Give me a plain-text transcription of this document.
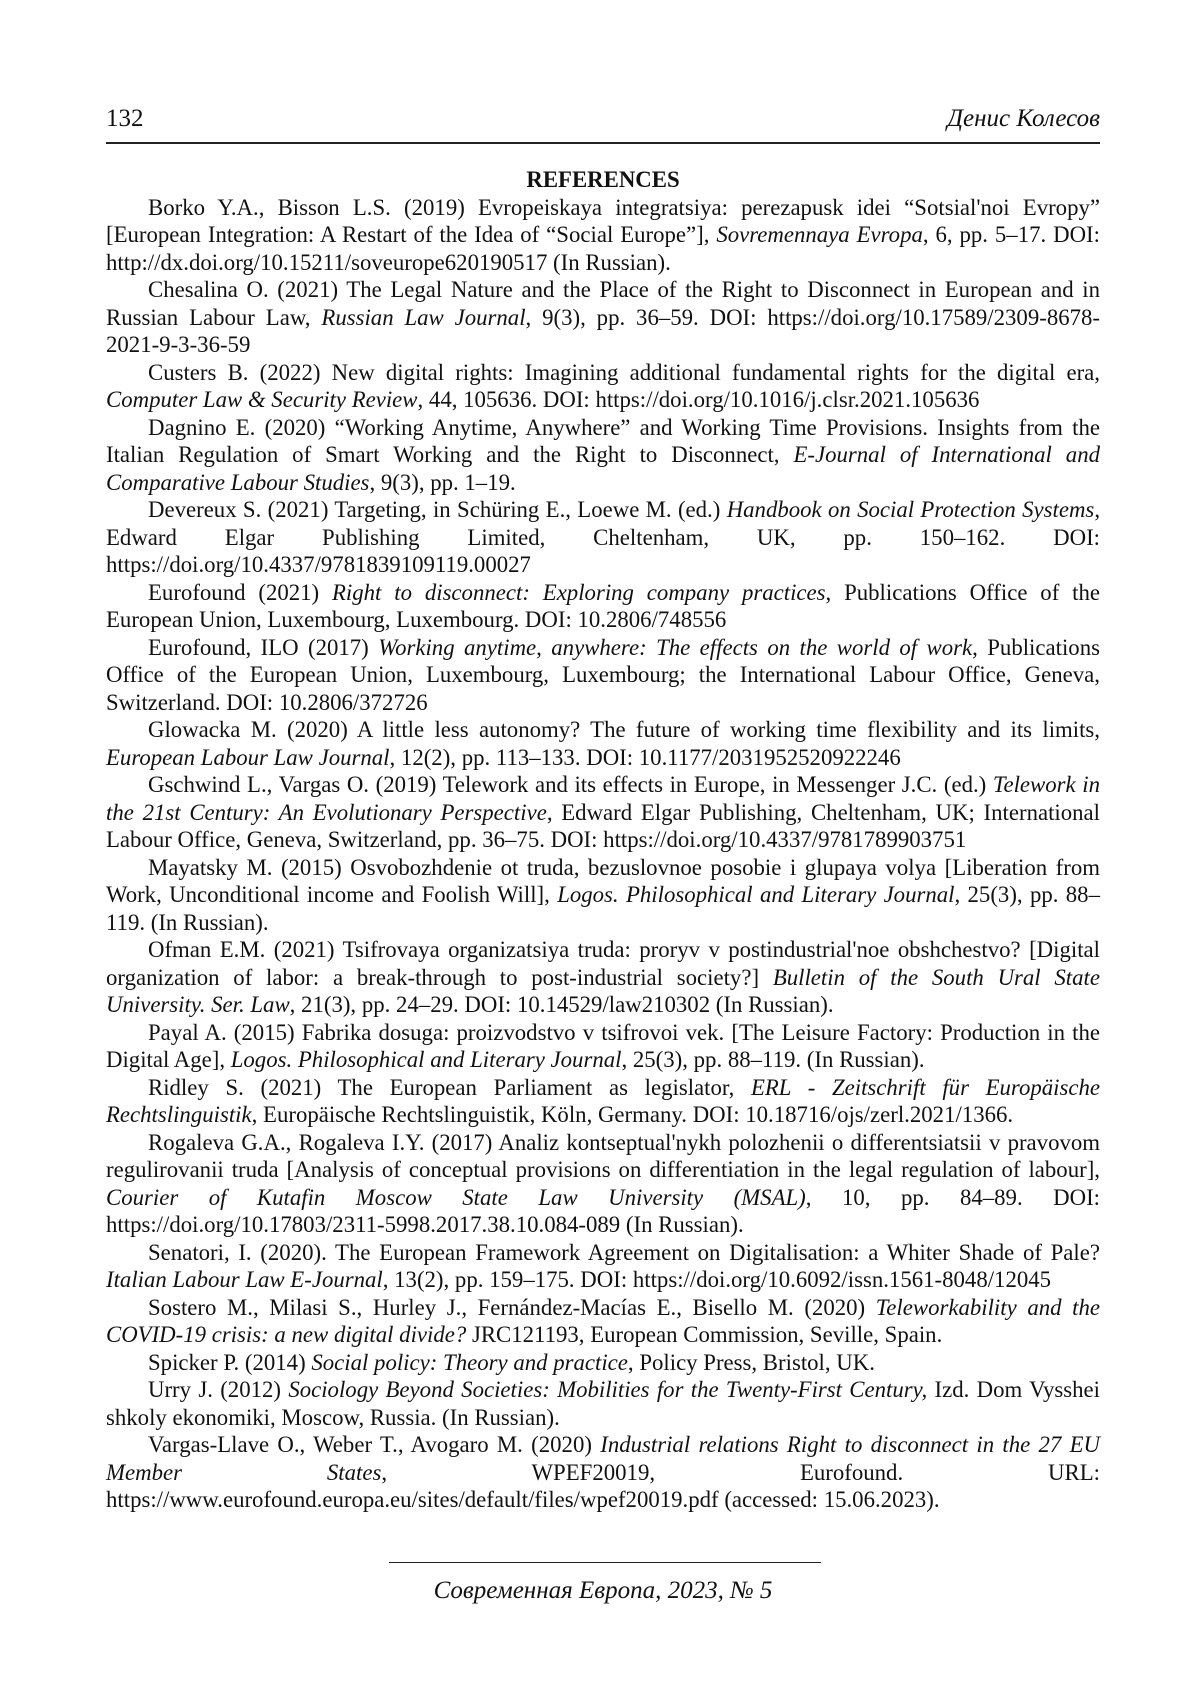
132	Денис Колесов
REFERENCES

Borko Y.A., Bisson L.S. (2019) Evropeiskaya integratsiya: perezapusk idei “Sotsial'noi Evropy” [European Integration: A Restart of the Idea of “Social Europe”], Sovremennaya Evropa, 6, pp. 5–17. DOI: http://dx.doi.org/10.15211/soveurope620190517 (In Russian).

Chesalina O. (2021) The Legal Nature and the Place of the Right to Disconnect in European and in Russian Labour Law, Russian Law Journal, 9(3), pp. 36–59. DOI: https://doi.org/10.17589/2309-8678-2021-9-3-36-59

Custers B. (2022) New digital rights: Imagining additional fundamental rights for the digital era, Computer Law & Security Review, 44, 105636. DOI: https://doi.org/10.1016/j.clsr.2021.105636

Dagnino E. (2020) “Working Anytime, Anywhere” and Working Time Provisions. Insights from the Italian Regulation of Smart Working and the Right to Disconnect, E-Journal of International and Comparative Labour Studies, 9(3), pp. 1–19.

Devereux S. (2021) Targeting, in Schüring E., Loewe M. (ed.) Handbook on Social Protection Systems, Edward Elgar Publishing Limited, Cheltenham, UK, pp. 150–162. DOI: https://doi.org/10.4337/9781839109119.00027

Eurofound (2021) Right to disconnect: Exploring company practices, Publications Office of the European Union, Luxembourg, Luxembourg. DOI: 10.2806/748556

Eurofound, ILO (2017) Working anytime, anywhere: The effects on the world of work, Publications Office of the European Union, Luxembourg, Luxembourg; the International Labour Office, Geneva, Switzerland. DOI: 10.2806/372726

Glowacka M. (2020) A little less autonomy? The future of working time flexibility and its limits, European Labour Law Journal, 12(2), pp. 113–133. DOI: 10.1177/2031952520922246

Gschwind L., Vargas O. (2019) Telework and its effects in Europe, in Messenger J.C. (ed.) Telework in the 21st Century: An Evolutionary Perspective, Edward Elgar Publishing, Cheltenham, UK; International Labour Office, Geneva, Switzerland, pp. 36–75. DOI: https://doi.org/10.4337/9781789903751

Mayatsky M. (2015) Osvobozhdenie ot truda, bezuslovnoe posobie i glupaya volya [Liberation from Work, Unconditional income and Foolish Will], Logos. Philosophical and Literary Journal, 25(3), pp. 88–119. (In Russian).

Ofman E.M. (2021) Tsifrovaya organizatsiya truda: proryv v postindustrial'noe obshchestvo? [Digital organization of labor: a break-through to post-industrial society?] Bulletin of the South Ural State University. Ser. Law, 21(3), pp. 24–29. DOI: 10.14529/law210302 (In Russian).

Payal A. (2015) Fabrika dosuga: proizvodstvo v tsifrovoi vek. [The Leisure Factory: Production in the Digital Age], Logos. Philosophical and Literary Journal, 25(3), pp. 88–119. (In Russian).

Ridley S. (2021) The European Parliament as legislator, ERL - Zeitschrift für Europäische Rechtslinguistik, Europäische Rechtslinguistik, Köln, Germany. DOI: 10.18716/ojs/zerl.2021/1366.

Rogaleva G.A., Rogaleva I.Y. (2017) Analiz kontseptual'nykh polozhenii o differentsiatsii v pravovom regulirovanii truda [Analysis of conceptual provisions on differentiation in the legal regulation of labour], Courier of Kutafin Moscow State Law University (MSAL), 10, pp. 84–89. DOI: https://doi.org/10.17803/2311-5998.2017.38.10.084-089 (In Russian).

Senatori, I. (2020). The European Framework Agreement on Digitalisation: a Whiter Shade of Pale? Italian Labour Law E-Journal, 13(2), pp. 159–175. DOI: https://doi.org/10.6092/issn.1561-8048/12045

Sostero M., Milasi S., Hurley J., Fernández-Macías E., Bisello M. (2020) Teleworkability and the COVID-19 crisis: a new digital divide? JRC121193, European Commission, Seville, Spain.

Spicker P. (2014) Social policy: Theory and practice, Policy Press, Bristol, UK.

Urry J. (2012) Sociology Beyond Societies: Mobilities for the Twenty-First Century, Izd. Dom Vysshei shkoly ekonomiki, Moscow, Russia. (In Russian).

Vargas-Llave O., Weber T., Avogaro M. (2020) Industrial relations Right to disconnect in the 27 EU Member States, WPEF20019, Eurofound. URL: https://www.eurofound.europa.eu/sites/default/files/wpef20019.pdf (accessed: 15.06.2023).

Современная Европа, 2023, № 5
